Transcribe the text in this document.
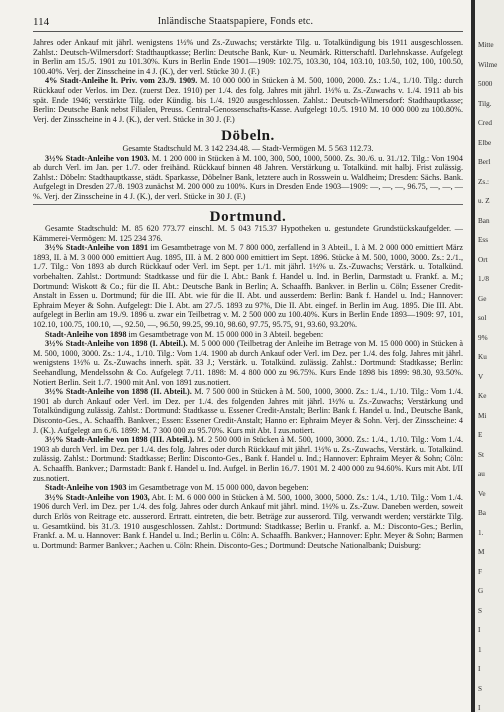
114	Inländische Staatspapiere, Fonds etc.

Jahres oder Ankauf mit jährl. wenigstens 1½% und Zs.-Zuwachs; verstärkte Tilg. u. Totalkündigung bis 1911 ausgeschlossen. Zahlst.: Deutsch-Wilmersdorf: Stadthauptkasse; Berlin: Deutsche Bank, Kur- u. Neumärk. Ritterschaftl. Darlehnskasse. Aufgelegt in Berlin am 15./5. 1901 zu 101.30%. Kurs in Berlin Ende 1901—1909: 102.75, 103.30, 104, 103.10, 103.50, 102, 100, 100.50, 100.40%. Verj. der Zinsscheine in 4 J. (K.), der verl. Stücke 30 J. (F.)

4% Stadt-Anleihe lt. Priv. vom 23./9. 1909. M. 10 000 000 in Stücken à M. 500, 1000, 2000. Zs.: 1./4., 1./10. Tilg.: durch Rückkauf oder Verlos. im Dez. (zuerst Dez. 1910) per 1./4. des folg. Jahres mit jährl. 1½% u. Zs.-Zuwachs v. 1./4. 1911 ab bis spät. Ende 1946; verstärkte Tilg. oder Kündig. bis 1./4. 1920 ausgeschlossen. Zahlst.: Deutsch-Wilmersdorf: Stadthauptkasse; Berlin: Deutsche Bank nebst Filialen, Preuss. Central-Genossenschafts-Kasse. Aufgelegt 10./5. 1910 M. 10 000 000 zu 100.80%. Verj. der Zinsscheine in 4 J. (K.), der verl. Stücke in 30 J. (F.)

Döbeln.

Gesamte Stadtschuld M. 3 142 234.48. — Stadt-Vermögen M. 5 563 112.73.

3½% Stadt-Anleihe von 1903. M. 1 200 000 in Stücken à M. 100, 300, 500, 1000, 5000. Zs. 30./6. u. 31./12. Tilg.: Von 1904 ab durch Verl. im Jan. per 1./7. oder freihänd. Rückkauf binnen 48 Jahren. Verstärkung u. Totalkünd. mit halbj. Frist zulässig. Zahlst.: Döbeln: Stadthauptkasse, städt. Sparkasse, Döbelner Bank, letztere auch in Rosswein u. Waldheim; Dresden: Sächs. Bank. Aufgelegt in Dresden 27./8. 1903 zunächst M. 200 000 zu 100%. Kurs in Dresden Ende 1903—1909: —, —, —, 96.75, —, —, —%. Verj. der Zinsscheine in 4 J. (K.), der verl. Stücke in 30 J. (F.)

Dortmund.

Gesamte Stadtschuld: M. 85 620 773.77 einschl. M. 5 043 715.37 Hypotheken u. gestundete Grundstückskaufgelder. — Kämmerei-Vermögen: M. 125 234 376.

3½% Stadt-Anleihe von 1891 im Gesamtbetrage von M. 7 800 000, zerfallend in 3 Abteil., I. à M. 2 000 000 emittiert März 1893, II. à M. 3 000 000 emittiert Aug. 1895, III. à M. 2 800 000 emittiert im Sept. 1896. Stücke à M. 500, 1000, 3000. Zs.: 2./1., 1./7. Tilg.: Von 1893 ab durch Rückkauf oder Verl. im Sept. per 1./1. mit jährl. 1½% u. Zs.-Zuwachs; Verstärk. u. Totalkünd. vorbehalten. Zahlst.: Dortmund: Stadtkasse und für die I. Abt.: Bank f. Handel u. Ind. in Berlin, Darmstadt u. Frankf. a. M.; Dortmund: Wiskott & Co.; für die II. Abt.: Deutsche Bank in Berlin; A. Schaaffh. Bankver. in Berlin u. Cöln; Essener Credit-Anstalt in Essen u. Dortmund; für die III. Abt. wie für die II. Abt. und ausserdem: Berlin: Bank f. Handel u. Ind.; Hannover: Ephraim Meyer & Sohn. Aufgelegt: Die I. Abt. am 27./5. 1893 zu 97%, Die II. Abt. eingef. in Berlin im Aug. 1895. Die III. Abt. aufgelegt in Berlin am 19./9. 1896 u. zwar ein Teilbetrag v. M. 2 500 000 zu 100.40%. Kurs in Berlin Ende 1893—1909: 97, 101, 102.10, 100.75, 100.10, —, 92.50, —, 96.50, 99.25, 99.10, 98.60, 97.75, 95.75, 91, 93.60, 93.20%.

Stadt-Anleihe von 1898 im Gesamtbetrage von M. 15 000 000 in 3 Abteil. begeben:

3½% Stadt-Anleihe von 1898 (I. Abteil.). M. 5 000 000 (Teilbetrag der Anleihe im Betrage von M. 15 000 000) in Stücken à M. 500, 1000, 3000. Zs.: 1./4., 1./10. Tilg.: Vom 1./4. 1900 ab durch Ankauf oder Verl. im Dez. per 1./4. des folg. Jahres mit jährl. wenigstens 1½% u. Zs.-Zuwachs innerh. spät. 33 J.; Verstärk. u. Totalkünd. zulässig. Zahlst.: Dortmund: Stadtkasse; Berlin: Seehandlung, Mendelssohn & Co. Aufgelegt 7./11. 1898: M. 4 800 000 zu 96.75%. Kurs Ende 1898 bis 1899: 98.30, 93.50%. Notiert Berlin. Seit 1./7. 1900 mit Anl. von 1891 zus.notiert.

3½% Stadt-Anleihe von 1898 (II. Abteil.). M. 7 500 000 in Stücken à M. 500, 1000, 3000. Zs.: 1./4., 1./10. Tilg.: Vom 1./4. 1901 ab durch Ankauf oder Verl. im Dez. per 1./4. des folgenden Jahres mit jährl. 1½% u. Zs.-Zuwachs; Verstärkung und Totalkündigung zulässig. Zahlst.: Dortmund: Stadtkasse u. Essener Credit-Anstalt; Berlin: Bank f. Handel u. Ind., Deutsche Bank, Disconto-Ges., A. Schaaffh. Bankver.; Essen: Essener Credit-Anstalt; Hanno er: Ephraim Meyer & Sohn. Verj. der Zinsscheine: 4 J. (K.). Aufgelegt am 6./6. 1899: M. 7 300 000 zu 95.70%. Kurs mit Abt. I zus.notiert.

3½% Stadt-Anleihe von 1898 (III. Abteil.). M. 2 500 000 in Stücken à M. 500, 1000, 3000. Zs.: 1./4., 1./10. Tilg.: Vom 1./4. 1903 ab durch Verl. im Dez. per 1./4. des folg. Jahres oder durch Rückkauf mit jährl. 1½% u. Zs.-Zuwachs, Verstärk. u. Totalkünd. zulässig. Zahlst.: Dortmund: Stadtkasse; Berlin: Disconto-Ges., Bank f. Handel u. Ind.; Hannover: Ephraim Meyer & Sohn; Cöln: A. Schaaffh. Bankver.; Darmstadt: Bank f. Handel u. Ind. Aufgel. in Berlin 16./7. 1901 M. 2 400 000 zu 94.60%. Kurs mit Abt. I/II zus.notiert.

Stadt-Anleihe von 1903 im Gesamtbetrage von M. 15 000 000, davon begeben:

3½% Stadt-Anleihe von 1903, Abt. I: M. 6 000 000 in Stücken à M. 500, 1000, 3000, 5000. Zs.: 1./4., 1./10. Tilg.: Vom 1./4. 1906 durch Verl. im Dez. per 1./4. des folg. Jahres oder durch Ankauf mit jährl. mind. 1½% u. Zs.-Zuw. Daneben werden, soweit durch Erlös von Reitrage etc. ausserord. Ertratt. eintreten, die betr. Beträge zur ausserord. Tilg. verwandt werden; verstärkte Tilg. u. Gesamtkünd. bis 31./3. 1910 ausgeschlossen. Zahlst.: Dortmund: Stadtkasse; Berlin u. Frankf. a. M.: Disconto-Ges.; Berlin, Frankf. a. M. u. Hannover: Bank f. Handel u. Ind.; Berlin u. Cöln: A. Schaaffh. Bankver.; Hannover: Ephr. Meyer & Sohn; Barmen u. Dortmund: Barmer Bankver.; Aachen u. Cöln: Rhein. Disconto-Ges.; Dortmund: Deutsche Nationalbank; Duisburg:

Mitte
Wilme
5000
Tilg.
Cred
Elbe
Berl
Zs.:
u. Z
Ban
Ess
Ort
1./8
Ge
sol
9%
Ku
V
Ke
Mi
E
St
au
Ve
Ba
1.
M
F
G
S
I
1
I
S
I
